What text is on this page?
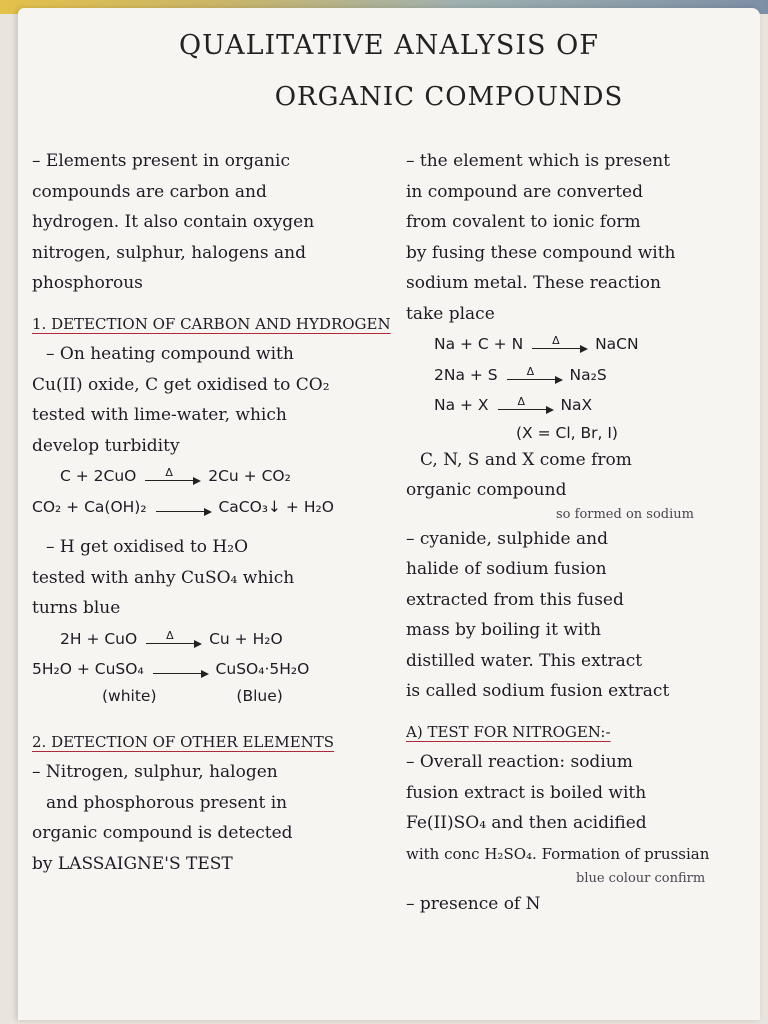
QUALITATIVE ANALYSIS OF
ORGANIC COMPOUNDS
– Elements present in organic
compounds are carbon and
hydrogen. It also contain oxygen
nitrogen, sulphur, halogens and
phosphorous
1. DETECTION OF CARBON AND HYDROGEN
– On heating compound with
Cu(II) oxide, C get oxidised to CO₂
tested with lime-water, which
develop turbidity
C + 2CuO	Δ 2Cu + CO₂
CO₂ + Ca(OH)₂	CaCO₃↓ + H₂O
– H get oxidised to H₂O
tested with anhy CuSO₄ which
turns blue
2H + CuO	Δ Cu + H₂O
5H₂O + CuSO₄	CuSO₄·5H₂O
(white)	(Blue)
2. DETECTION OF OTHER ELEMENTS
– Nitrogen, sulphur, halogen
and phosphorous present in
organic compound is detected
by LASSAIGNE'S TEST
– the element which is present
in compound are converted
from covalent to ionic form
by fusing these compound with
sodium metal. These reaction
take place
Na + C + N	Δ NaCN
2Na + S	Δ Na₂S
Na + X	Δ NaX
(X = Cl, Br, I)
C, N, S and X come from
organic compound
so formed on sodium
– cyanide, sulphide and
halide of sodium fusion
extracted from this fused
mass by boiling it with
distilled water. This extract
is called sodium fusion extract
A) TEST FOR NITROGEN:-
– Overall reaction: sodium
fusion extract is boiled with
Fe(II)SO₄ and then acidified
with conc H₂SO₄. Formation of prussian
blue colour confirm
– presence of N
